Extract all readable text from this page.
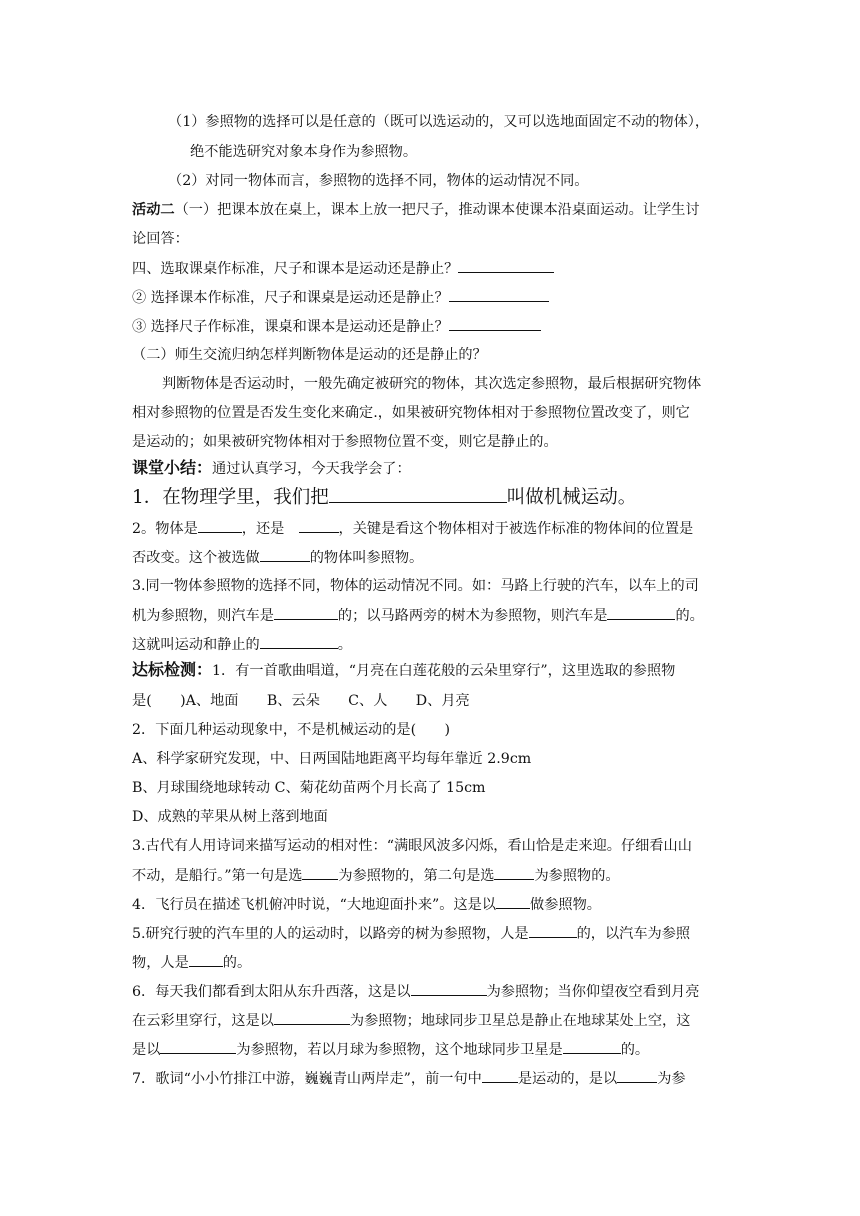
（1）参照物的选择可以是任意的（既可以选运动的，又可以选地面固定不动的物体），
绝不能选研究对象本身作为参照物。
（2）对同一物体而言，参照物的选择不同，物体的运动情况不同。
活动二（一）把课本放在桌上，课本上放一把尺子，推动课本使课本沿桌面运动。让学生讨
论回答：
四、选取课桌作标准，尺子和课本是运动还是静止？
② 选择课本作标准，尺子和课桌是运动还是静止？
③ 选择尺子作标准，课桌和课本是运动还是静止？
（二）师生交流归纳怎样判断物体是运动的还是静止的？
判断物体是否运动时，一般先确定被研究的物体，其次选定参照物，最后根据研究物体
相对参照物的位置是否发生变化来确定.，如果被研究物体相对于参照物位置改变了，则它
是运动的；如果被研究物体相对于参照物位置不变，则它是静止的。
课堂小结：通过认真学习，今天我学会了：
1．在物理学里，我们把	叫做机械运动。
2。物体是	，还是　	，关键是看这个物体相对于被选作标准的物体间的位置是
否改变。这个被选做	的物体叫参照物。
3.同一物体参照物的选择不同，物体的运动情况不同。如：马路上行驶的汽车，以车上的司
机为参照物，则汽车是	的；以马路两旁的树木为参照物，则汽车是	的。
这就叫运动和静止的	。
达标检测：1．有一首歌曲唱道，“月亮在白莲花般的云朵里穿行”，这里选取的参照物
是(　　)A、地面　　B、云朵　　C、人　　D、月亮
2．下面几种运动现象中，不是机械运动的是(　　)
A、科学家研究发现，中、日两国陆地距离平均每年靠近 2.9cm
B、月球围绕地球转动 C、菊花幼苗两个月长高了 15cm
D、成熟的苹果从树上落到地面
3.古代有人用诗词来描写运动的相对性：“满眼风波多闪烁，看山恰是走来迎。仔细看山山
不动，是船行。”第一句是选	为参照物的，第二句是选	为参照物的。
4．飞行员在描述飞机俯冲时说，“大地迎面扑来”。这是以 做参照物。
5.研究行驶的汽车里的人的运动时，以路旁的树为参照物，人是	的，以汽车为参照
物，人是 的。
6．每天我们都看到太阳从东升西落，这是以	为参照物；当你仰望夜空看到月亮
在云彩里穿行，这是以	为参照物；地球同步卫星总是静止在地球某处上空，这
是以	为参照物，若以月球为参照物，这个地球同步卫星是	的。
7．歌词“小小竹排江中游，巍巍青山两岸走”，前一句中	是运动的，是以	为参
